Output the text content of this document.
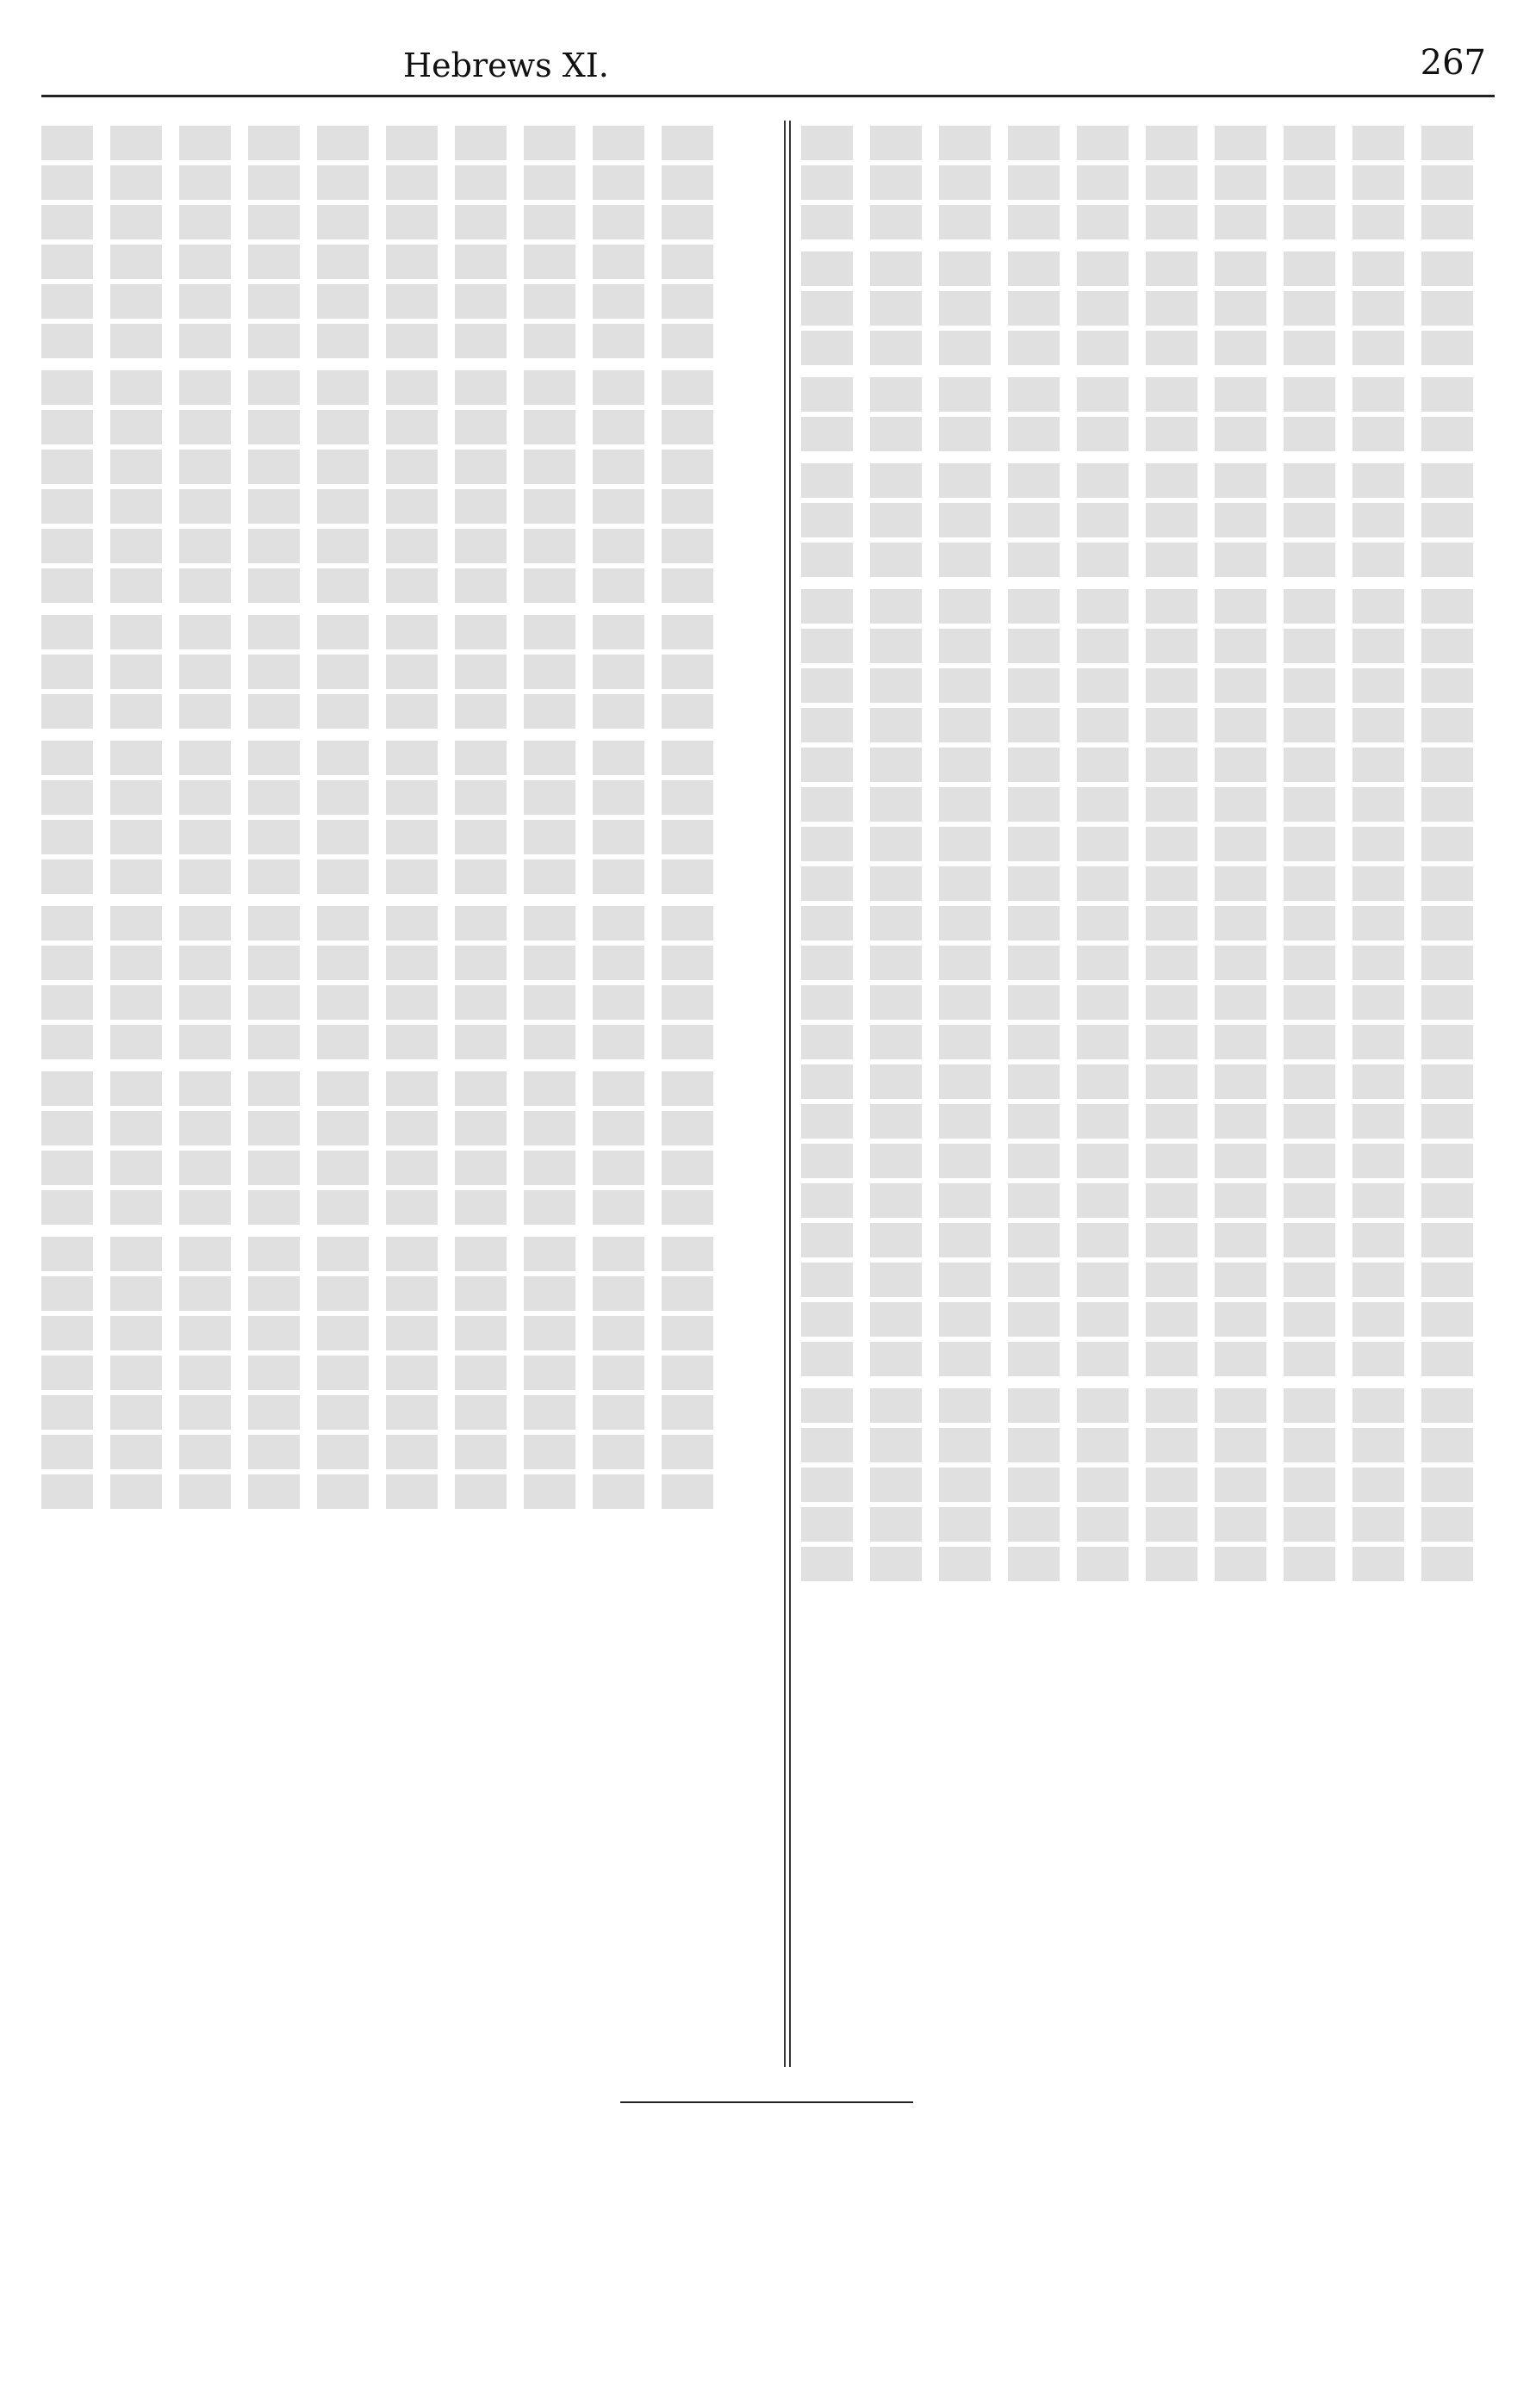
Hebrews XI.	267
